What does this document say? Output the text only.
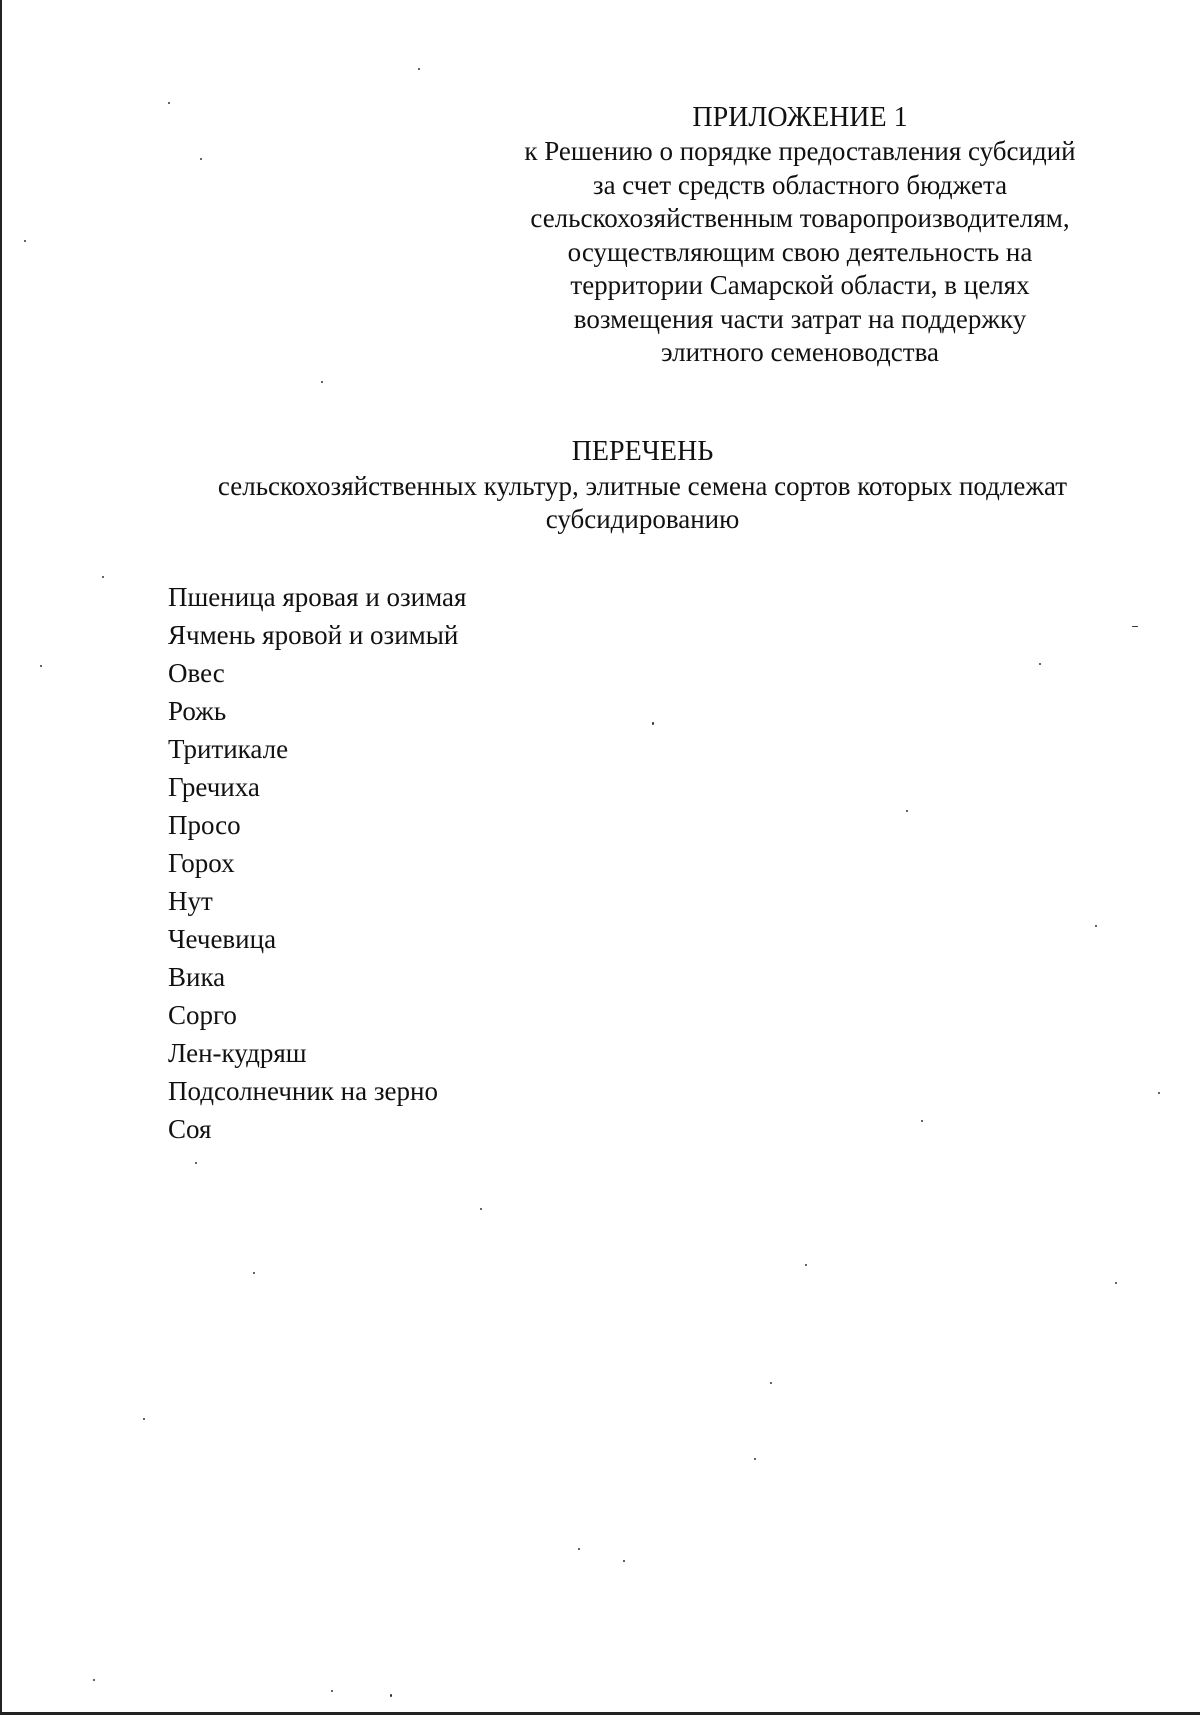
ПРИЛОЖЕНИЕ 1

к Решению о порядке предоставления субсидий

за счет средств областного бюджета

сельскохозяйственным товаропроизводителям,

осуществляющим свою деятельность на

территории Самарской области, в целях

возмещения части затрат на поддержку

элитного семеноводства

ПЕРЕЧЕНЬ

сельскохозяйственных культур, элитные семена сортов которых подлежат

субсидированию

Пшеница яровая и озимая
Ячмень яровой и озимый
Овес
Рожь
Тритикале
Гречиха
Просо
Горох
Нут
Чечевица
Вика
Сорго
Лен-кудряш
Подсолнечник на зерно
Соя
